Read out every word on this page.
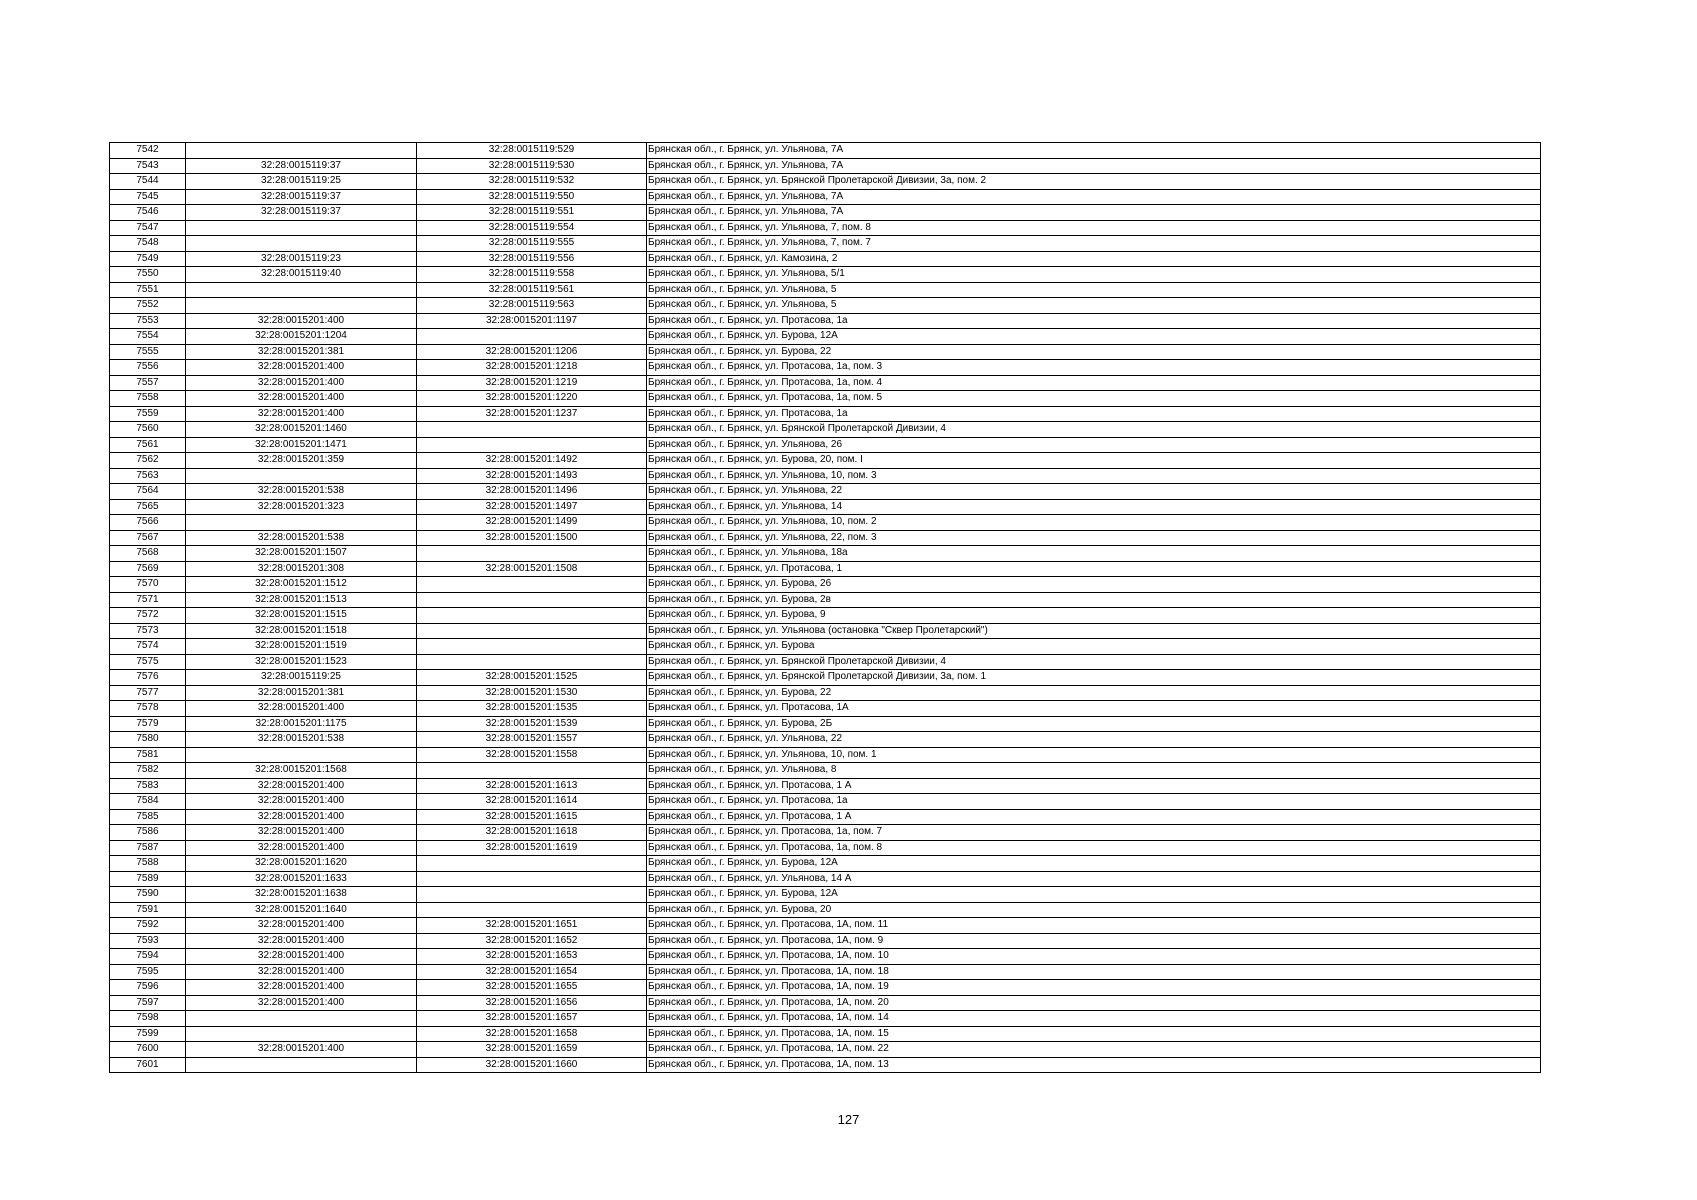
7542		32:28:0015119:529	Брянская обл., г. Брянск, ул. Ульянова, 7А
7543	32:28:0015119:37	32:28:0015119:530	Брянская обл., г. Брянск, ул. Ульянова, 7А
7544	32:28:0015119:25	32:28:0015119:532	Брянская обл., г. Брянск, ул. Брянской Пролетарской Дивизии, 3а, пом. 2
7545	32:28:0015119:37	32:28:0015119:550	Брянская обл., г. Брянск, ул. Ульянова, 7А
7546	32:28:0015119:37	32:28:0015119:551	Брянская обл., г. Брянск, ул. Ульянова, 7А
7547		32:28:0015119:554	Брянская обл., г. Брянск, ул. Ульянова, 7, пом. 8
7548		32:28:0015119:555	Брянская обл., г. Брянск, ул. Ульянова, 7, пом. 7
7549	32:28:0015119:23	32:28:0015119:556	Брянская обл., г. Брянск, ул. Камозина, 2
7550	32:28:0015119:40	32:28:0015119:558	Брянская обл., г. Брянск, ул. Ульянова, 5/1
7551		32:28:0015119:561	Брянская обл., г. Брянск, ул. Ульянова, 5
7552		32:28:0015119:563	Брянская обл., г. Брянск, ул. Ульянова, 5
7553	32:28:0015201:400	32:28:0015201:1197	Брянская обл., г. Брянск, ул. Протасова, 1а
7554	32:28:0015201:1204		Брянская обл., г. Брянск, ул. Бурова, 12А
7555	32:28:0015201:381	32:28:0015201:1206	Брянская обл., г. Брянск, ул. Бурова, 22
7556	32:28:0015201:400	32:28:0015201:1218	Брянская обл., г. Брянск, ул. Протасова, 1а, пом. 3
7557	32:28:0015201:400	32:28:0015201:1219	Брянская обл., г. Брянск, ул. Протасова, 1а, пом. 4
7558	32:28:0015201:400	32:28:0015201:1220	Брянская обл., г. Брянск, ул. Протасова, 1а, пом. 5
7559	32:28:0015201:400	32:28:0015201:1237	Брянская обл., г. Брянск, ул. Протасова, 1а
7560	32:28:0015201:1460		Брянская обл., г. Брянск, ул. Брянской Пролетарской Дивизии, 4
7561	32:28:0015201:1471		Брянская обл., г. Брянск, ул. Ульянова, 26
7562	32:28:0015201:359	32:28:0015201:1492	Брянская обл., г. Брянск, ул. Бурова, 20, пом. I
7563		32:28:0015201:1493	Брянская обл., г. Брянск, ул. Ульянова, 10, пом. 3
7564	32:28:0015201:538	32:28:0015201:1496	Брянская обл., г. Брянск, ул. Ульянова, 22
7565	32:28:0015201:323	32:28:0015201:1497	Брянская обл., г. Брянск, ул. Ульянова, 14
7566		32:28:0015201:1499	Брянская обл., г. Брянск, ул. Ульянова, 10, пом. 2
7567	32:28:0015201:538	32:28:0015201:1500	Брянская обл., г. Брянск, ул. Ульянова, 22, пом. 3
7568	32:28:0015201:1507		Брянская обл., г. Брянск, ул. Ульянова, 18а
7569	32:28:0015201:308	32:28:0015201:1508	Брянская обл., г. Брянск, ул. Протасова, 1
7570	32:28:0015201:1512		Брянская обл., г. Брянск, ул. Бурова, 26
7571	32:28:0015201:1513		Брянская обл., г. Брянск, ул. Бурова, 2в
7572	32:28:0015201:1515		Брянская обл., г. Брянск, ул. Бурова, 9
7573	32:28:0015201:1518		Брянская обл., г. Брянск, ул. Ульянова (остановка "Сквер Пролетарский")
7574	32:28:0015201:1519		Брянская обл., г. Брянск, ул. Бурова
7575	32:28:0015201:1523		Брянская обл., г. Брянск, ул. Брянской Пролетарской Дивизии, 4
7576	32:28:0015119:25	32:28:0015201:1525	Брянская обл., г. Брянск, ул. Брянской Пролетарской Дивизии, 3а, пом. 1
7577	32:28:0015201:381	32:28:0015201:1530	Брянская обл., г. Брянск, ул. Бурова, 22
7578	32:28:0015201:400	32:28:0015201:1535	Брянская обл., г. Брянск, ул. Протасова, 1А
7579	32:28:0015201:1175	32:28:0015201:1539	Брянская обл., г. Брянск, ул. Бурова, 2Б
7580	32:28:0015201:538	32:28:0015201:1557	Брянская обл., г. Брянск, ул. Ульянова, 22
7581		32:28:0015201:1558	Брянская обл., г. Брянск, ул. Ульянова, 10, пом. 1
7582	32:28:0015201:1568		Брянская обл., г. Брянск, ул. Ульянова, 8
7583	32:28:0015201:400	32:28:0015201:1613	Брянская обл., г. Брянск, ул. Протасова, 1 А
7584	32:28:0015201:400	32:28:0015201:1614	Брянская обл., г. Брянск, ул. Протасова, 1а
7585	32:28:0015201:400	32:28:0015201:1615	Брянская обл., г. Брянск, ул. Протасова, 1 А
7586	32:28:0015201:400	32:28:0015201:1618	Брянская обл., г. Брянск, ул. Протасова, 1а, пом. 7
7587	32:28:0015201:400	32:28:0015201:1619	Брянская обл., г. Брянск, ул. Протасова, 1а, пом. 8
7588	32:28:0015201:1620		Брянская обл., г. Брянск, ул. Бурова, 12А
7589	32:28:0015201:1633		Брянская обл., г. Брянск, ул. Ульянова, 14 А
7590	32:28:0015201:1638		Брянская обл., г. Брянск, ул. Бурова, 12А
7591	32:28:0015201:1640		Брянская обл., г. Брянск, ул. Бурова, 20
7592	32:28:0015201:400	32:28:0015201:1651	Брянская обл., г. Брянск, ул. Протасова, 1А, пом. 11
7593	32:28:0015201:400	32:28:0015201:1652	Брянская обл., г. Брянск, ул. Протасова, 1А, пом. 9
7594	32:28:0015201:400	32:28:0015201:1653	Брянская обл., г. Брянск, ул. Протасова, 1А, пом. 10
7595	32:28:0015201:400	32:28:0015201:1654	Брянская обл., г. Брянск, ул. Протасова, 1А, пом. 18
7596	32:28:0015201:400	32:28:0015201:1655	Брянская обл., г. Брянск, ул. Протасова, 1А, пом. 19
7597	32:28:0015201:400	32:28:0015201:1656	Брянская обл., г. Брянск, ул. Протасова, 1А, пом. 20
7598		32:28:0015201:1657	Брянская обл., г. Брянск, ул. Протасова, 1А, пом. 14
7599		32:28:0015201:1658	Брянская обл., г. Брянск, ул. Протасова, 1А, пом. 15
7600	32:28:0015201:400	32:28:0015201:1659	Брянская обл., г. Брянск, ул. Протасова, 1А, пом. 22
7601		32:28:0015201:1660	Брянская обл., г. Брянск, ул. Протасова, 1А, пом. 13
127
